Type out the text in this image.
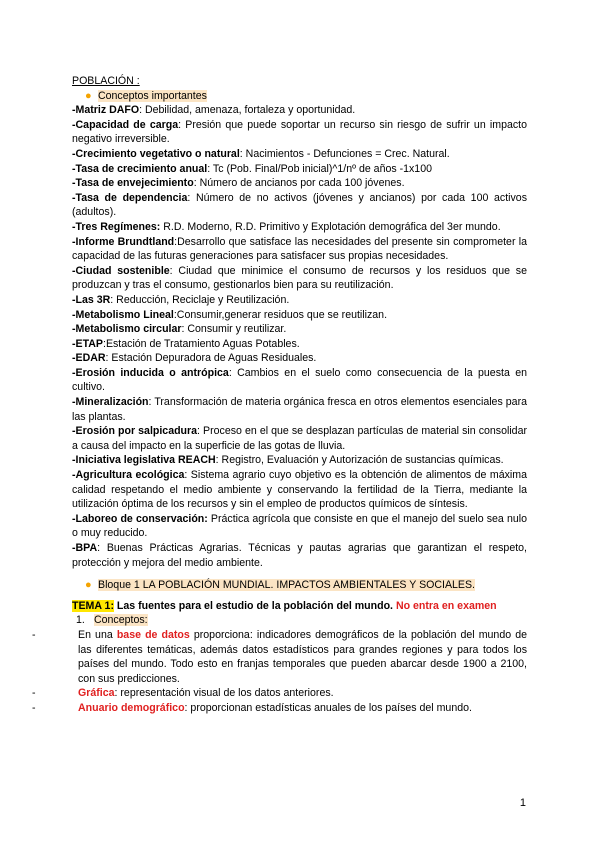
POBLACIÓN :
● Conceptos importantes
-Matriz DAFO: Debilidad, amenaza, fortaleza y oportunidad.
-Capacidad de carga: Presión que puede soportar un recurso sin riesgo de sufrir un impacto negativo irreversible.
-Crecimiento vegetativo o natural: Nacimientos - Defunciones = Crec. Natural.
-Tasa de crecimiento anual: Tc (Pob. Final/Pob inicial)^1/nº de años -1x100
-Tasa de envejecimiento: Número de ancianos por cada 100 jóvenes.
-Tasa de dependencia: Número de no activos (jóvenes y ancianos) por cada 100 activos (adultos).
-Tres Regímenes: R.D. Moderno, R.D. Primitivo y Explotación demográfica del 3er mundo.
-Informe Brundtland:Desarrollo que satisface las necesidades del presente sin comprometer la capacidad de las futuras generaciones para satisfacer sus propias necesidades.
-Ciudad sostenible: Ciudad que minimice el consumo de recursos y los residuos que se produzcan y tras el consumo, gestionarlos bien para su reutilización.
-Las 3R: Reducción, Reciclaje y Reutilización.
-Metabolismo Lineal:Consumir,generar residuos que se reutilizan.
-Metabolismo circular: Consumir y reutilizar.
-ETAP:Estación de Tratamiento Aguas Potables.
-EDAR: Estación Depuradora de Aguas Residuales.
-Erosión inducida o antrópica: Cambios en el suelo como consecuencia de la puesta en cultivo.
-Mineralización: Transformación de materia orgánica fresca en otros elementos esenciales para las plantas.
-Erosión por salpicadura: Proceso en el que se desplazan partículas de material sin consolidar a causa del impacto en la superficie de las gotas de lluvia.
-Iniciativa legislativa REACH: Registro, Evaluación y Autorización de sustancias químicas.
-Agricultura ecológica: Sistema agrario cuyo objetivo es la obtención de alimentos de máxima calidad respetando el medio ambiente y conservando la fertilidad de la Tierra, mediante la utilización óptima de los recursos y sin el empleo de productos químicos de síntesis.
-Laboreo de conservación: Práctica agrícola que consiste en que el manejo del suelo sea nulo o muy reducido.
-BPA: Buenas Prácticas Agrarias. Técnicas y pautas agrarias que garantizan el respeto, protección y mejora del medio ambiente.
● Bloque 1 LA POBLACIÓN MUNDIAL. IMPACTOS AMBIENTALES Y SOCIALES.
TEMA 1: Las fuentes para el estudio de la población del mundo. No entra en examen
1. Conceptos:
-	En una base de datos proporciona: indicadores demográficos de la población del mundo de las diferentes temáticas, además datos estadísticos para grandes regiones y para todos los países del mundo. Todo esto en franjas temporales que pueden abarcar desde 1900 a 2100, con sus predicciones.
-	Gráfica: representación visual de los datos anteriores.
-	Anuario demográfico: proporcionan estadísticas anuales de los países del mundo.
1
